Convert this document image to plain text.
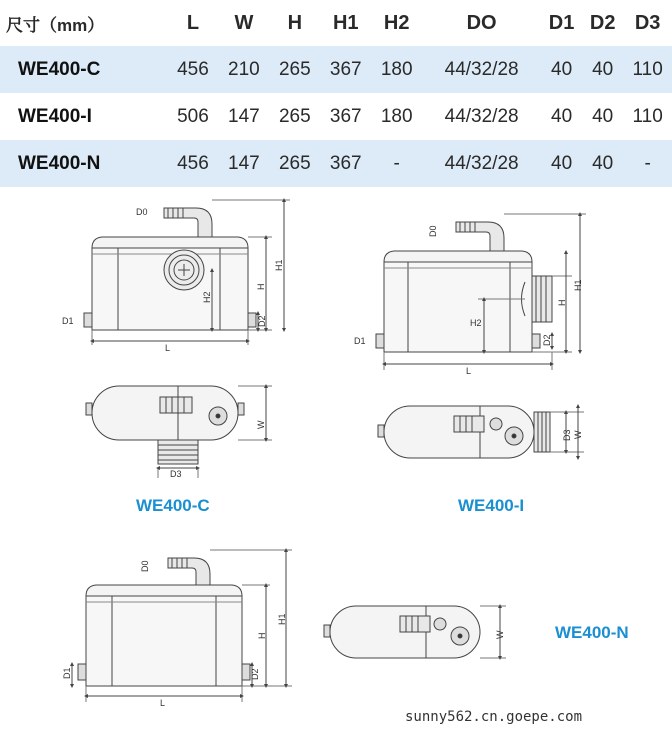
尺寸（mm）	L	W	H	H1	H2	DO	D1	D2	D3
WE400-C	456	210	265	367	180	44/32/28	40	40	110
WE400-I	506	147	265	367	180	44/32/28	40	40	110
WE400-N	456	147	265	367	-	44/32/28	40	40	-
D0
D1	D2
H2
H
H1
L
D3
W
D0
D1	D2
H2
H
H1
L
D3 W
D0
D1	D2
H
H1
L
W
WE400-C	WE400-I
WE400-N
sunny562.cn.goepe.com
